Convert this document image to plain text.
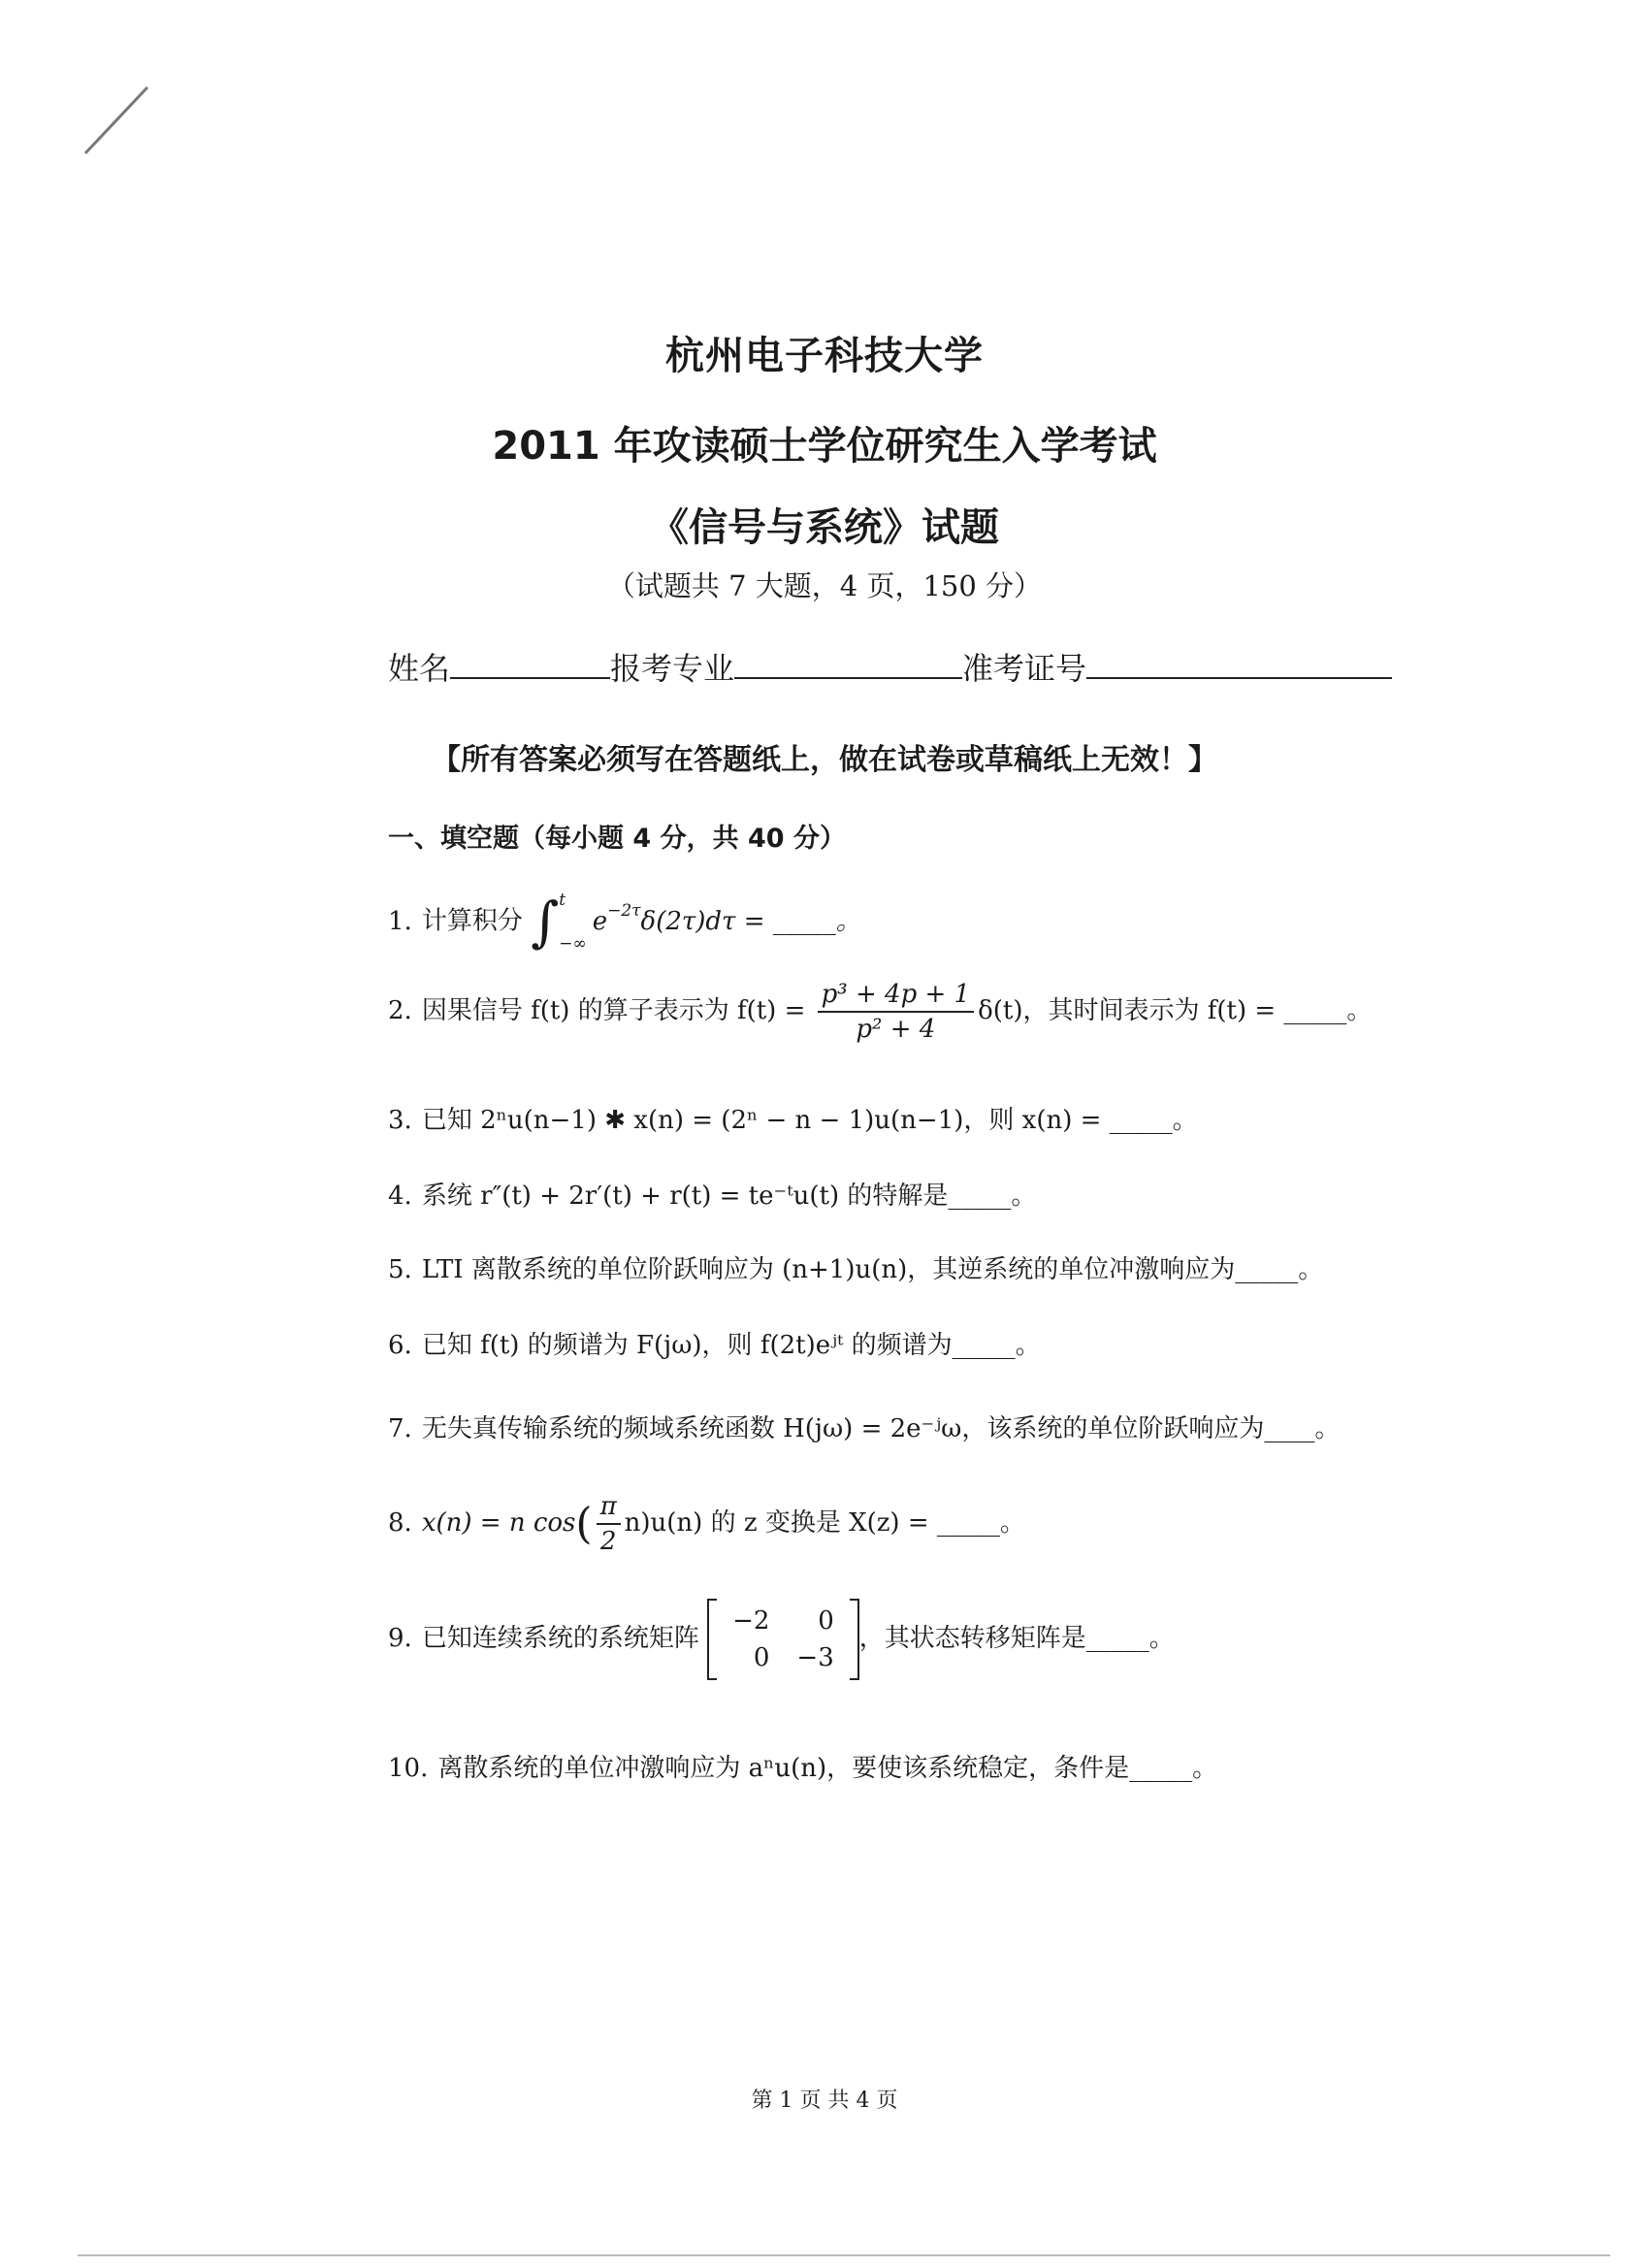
杭州电子科技大学
2011 年攻读硕士学位研究生入学考试
《信号与系统》试题
（试题共 7 大题，4 页，150 分）
姓名	报考专业	准考证号
【所有答案必须写在答题纸上，做在试卷或草稿纸上无效！】
一、填空题（每小题 4 分，共 40 分）
1. 计算积分 ∫ t
−∞
$e^{-2\tau}\delta(2\tau)d\tau$ = _____。
2. 因果信号 f(t) 的算子表示为 $f(t) = \frac{\text{p³ + 4p + 1}}{\text{p² + 4}} \delta(t)$，其时间表示为 f(t) = _____。
3. 已知 2ⁿu(n−1) ✱ x(n) = (2ⁿ − n − 1)u(n−1)，则 x(n) = _____。
4. 系统 r″(t) + 2r′(t) + r(t) = te⁻ᵗu(t) 的特解是_____。
5. LTI 离散系统的单位阶跃响应为 (n+1)u(n)，其逆系统的单位冲激响应为_____。
6. 已知 f(t) 的频谱为 F(jω)，则 f(2t)eʲᵗ 的频谱为_____。
7. 无失真传输系统的频域系统函数 H(jω) = 2e⁻ʲω，该系统的单位阶跃响应为____。
8. x(n) = n $\cos( \frac{\pi}{2} n)u(n)$ 的 z 变换是 X(z) = _____。
9. 已知连续系统的系统矩阵
−2	0
0	−3
，其状态转移矩阵是_____。
10. 离散系统的单位冲激响应为 aⁿu(n)，要使该系统稳定，条件是_____。
第 1 页 共 4 页
